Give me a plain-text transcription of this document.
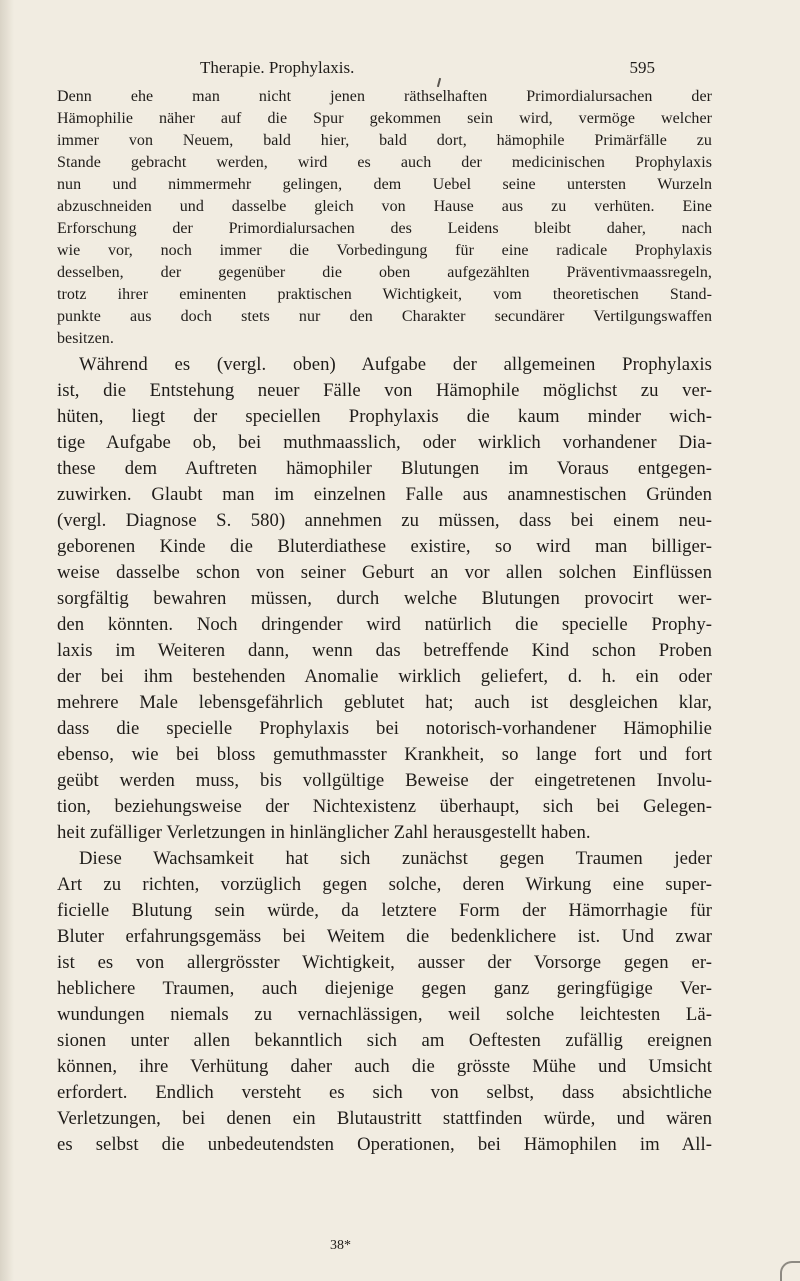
Therapie. Prophylaxis.	595
Denn ehe man nicht jenen räthselhaften Primordialursachen der
Hämophilie näher auf die Spur gekommen sein wird, vermöge welcher
immer von Neuem, bald hier, bald dort, hämophile Primärfälle zu
Stande gebracht werden, wird es auch der medicinischen Prophylaxis
nun und nimmermehr gelingen, dem Uebel seine untersten Wurzeln
abzuschneiden und dasselbe gleich von Hause aus zu verhüten. Eine
Erforschung der Primordialursachen des Leidens bleibt daher, nach
wie vor, noch immer die Vorbedingung für eine radicale Prophylaxis
desselben, der gegenüber die oben aufgezählten Präventivmaassregeln,
trotz ihrer eminenten praktischen Wichtigkeit, vom theoretischen Stand-
punkte aus doch stets nur den Charakter secundärer Vertilgungswaffen
besitzen.
Während es (vergl. oben) Aufgabe der allgemeinen Prophylaxis
ist, die Entstehung neuer Fälle von Hämophile möglichst zu ver-
hüten, liegt der speciellen Prophylaxis die kaum minder wich-
tige Aufgabe ob, bei muthmaasslich, oder wirklich vorhandener Dia-
these dem Auftreten hämophiler Blutungen im Voraus entgegen-
zuwirken. Glaubt man im einzelnen Falle aus anamnestischen Gründen
(vergl. Diagnose S. 580) annehmen zu müssen, dass bei einem neu-
geborenen Kinde die Bluterdiathese existire, so wird man billiger-
weise dasselbe schon von seiner Geburt an vor allen solchen Einflüssen
sorgfältig bewahren müssen, durch welche Blutungen provocirt wer-
den könnten. Noch dringender wird natürlich die specielle Prophy-
laxis im Weiteren dann, wenn das betreffende Kind schon Proben
der bei ihm bestehenden Anomalie wirklich geliefert, d. h. ein oder
mehrere Male lebensgefährlich geblutet hat; auch ist desgleichen klar,
dass die specielle Prophylaxis bei notorisch-vorhandener Hämophilie
ebenso, wie bei bloss gemuthmasster Krankheit, so lange fort und fort
geübt werden muss, bis vollgültige Beweise der eingetretenen Involu-
tion, beziehungsweise der Nichtexistenz überhaupt, sich bei Gelegen-
heit zufälliger Verletzungen in hinlänglicher Zahl herausgestellt haben.
Diese Wachsamkeit hat sich zunächst gegen Traumen jeder
Art zu richten, vorzüglich gegen solche, deren Wirkung eine super-
ficielle Blutung sein würde, da letztere Form der Hämorrhagie für
Bluter erfahrungsgemäss bei Weitem die bedenklichere ist. Und zwar
ist es von allergrösster Wichtigkeit, ausser der Vorsorge gegen er-
heblichere Traumen, auch diejenige gegen ganz geringfügige Ver-
wundungen niemals zu vernachlässigen, weil solche leichtesten Lä-
sionen unter allen bekanntlich sich am Oeftesten zufällig ereignen
können, ihre Verhütung daher auch die grösste Mühe und Umsicht
erfordert. Endlich versteht es sich von selbst, dass absichtliche
Verletzungen, bei denen ein Blutaustritt stattfinden würde, und wären
es selbst die unbedeutendsten Operationen, bei Hämophilen im All-
38*
